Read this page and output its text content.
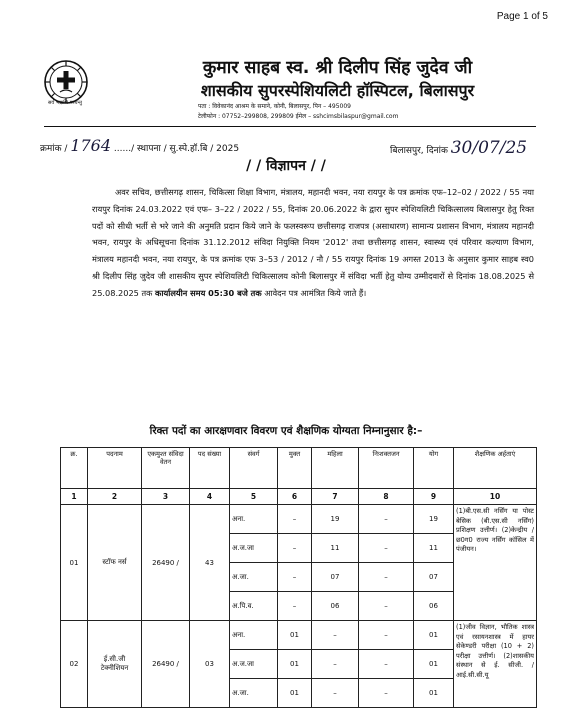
Page 1 of 5
सर्व भद्राणि पश्यन्तु
कुमार साहब स्व. श्री दिलीप सिंह जुदेव जी
शासकीय सुपरस्पेशियलिटी हॉस्पिटल, बिलासपुर
पता : विवेकानंद आश्रम के समाने, कोनी, बिलासपुर, पिन – 495009
टेलीफोन : 07752–299808, 299809 ईमेल – sshcimsbilaspur@gmail.com
क्रमांक / 1764 ....../ स्थापना / सु.स्पे.हॉ.बि / 2025	बिलासपुर, दिनांक 30/07/25
/ / विज्ञापन / /
अवर सचिव, छत्तीसगढ़ शासन, चिकित्सा शिक्षा विभाग, मंत्रालय, महानदी भवन, नया रायपुर के पत्र क्रमांक एफ–12–02 / 2022 / 55 नया रायपुर दिनांक 24.03.2022 एवं एफ– 3–22 / 2022 / 55, दिनांक 20.06.2022 के द्वारा सुपर स्पेशियलिटी चिकित्सालय बिलासपुर हेतु रिक्त पदों को सीधी भर्ती से भरे जाने की अनुमति प्रदान किये जाने के फलस्वरूप छत्तीसगढ़ राजपत्र (असाधारण) सामान्य प्रशासन विभाग, मंत्रालय महानदी भवन, रायपुर के अधिसूचना दिनांक 31.12.2012 संविदा नियुक्ति नियम '2012' तथा छत्तीसगढ़ शासन, स्वास्थ्य एवं परिवार कल्याण विभाग, मंत्रालय महानदी भवन, नया रायपुर, के पत्र क्रमांक एफ 3–53 / 2012 / नौ / 55 रायपुर दिनांक 19 अगस्त 2013 के अनुसार कुमार साहब स्व0 श्री दिलीप सिंह जुदेव जी शासकीय सुपर स्पेशियलिटी चिकित्सालय कोनी बिलासपुर में संविदा भर्ती हेतु योग्य उम्मीदवारों से दिनांक 18.08.2025 से 25.08.2025 तक कार्यालयीन समय 05:30 बजे तक आवेदन पत्र आमंत्रित किये जाते हैं।
रिक्त पदों का आरक्षणवार विवरण एवं शैक्षणिक योग्यता निम्नानुसार है:–
क्र.	पदनाम	एकमुश्त संविदा वेतन	पद संख्या	संवर्ग	मुक्त	महिला	निःशक्तजन	योग	शैक्षणिक अर्हताएं
1	2	3	4	5	6	7	8	9	10
01	स्टॉफ नर्स	26490 /	43	अना.	–	19	–	19	(1)बी.एस.सी नर्सिंग या पोस्ट बेसिक (बी.एस.सी नर्सिंग) प्रशिक्षण उत्तीर्ण। (2)केन्द्रीय / छ0ग0 राज्य नर्सिंग कॉसिल में पंजीयन।
				अ.ज.जा	–	11	–	11	
				अ.जा.	–	07	–	07	
				अ.पि.व.	–	06	–	06	
02	ई.सी.जी टेक्नीशियन	26490 /	03	अना.	01	–	–	01	(1)जीव विज्ञान, भौतिक शास्त्र एवं रसायनशास्त्र में हायर सेकेण्डरी परीक्षा (10 + 2) परीक्षा उत्तीर्ण। (2)शासकीय संस्थान से ई. सीजी. / आई.सी.सी.यू
				अ.ज.जा	01	–	–	01	
				अ.जा.	01	–	–	01	
